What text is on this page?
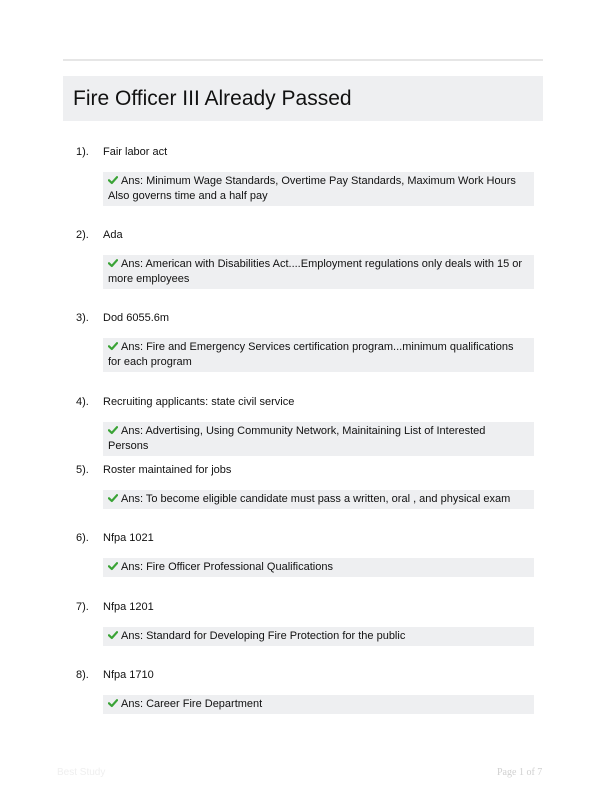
Fire Officer III Already Passed
1).	Fair labor act
Ans: Minimum Wage Standards, Overtime Pay Standards, Maximum Work Hours Also governs time and a half pay
2).	Ada
Ans: American with Disabilities Act....Employment regulations only deals with 15 or more employees
3).	Dod 6055.6m
Ans: Fire and Emergency Services certification program...minimum qualifications for each program
4).	Recruiting applicants: state civil service
Ans: Advertising, Using Community Network, Mainitaining List of Interested Persons
5).	Roster maintained for jobs
Ans: To become eligible candidate must pass a written, oral , and physical exam
6).	Nfpa 1021
Ans: Fire Officer Professional Qualifications
7).	Nfpa 1201
Ans: Standard for Developing Fire Protection for the public
8).	Nfpa 1710
Ans: Career Fire Department
Best Study	Page 1 of 7
